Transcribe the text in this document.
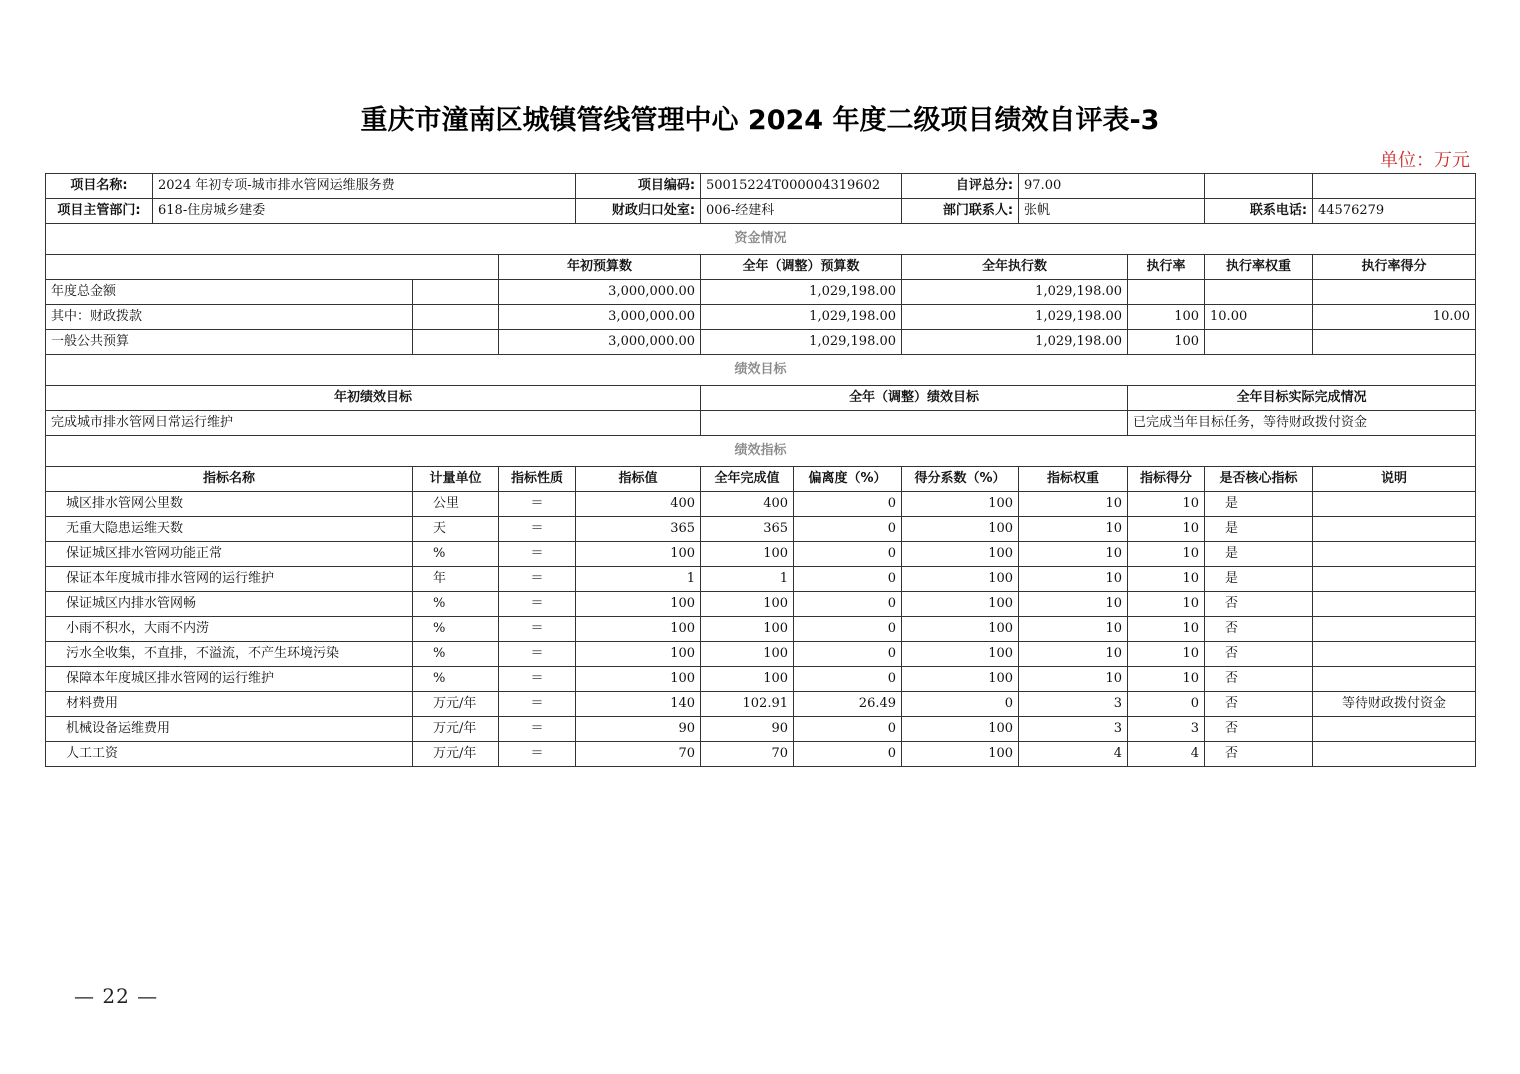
重庆市潼南区城镇管线管理中心 2024 年度二级项目绩效自评表-3
单位：万元
项目名称:	2024 年初专项-城市排水管网运维服务费			项目编码:	50015224T000004319602		自评总分:	97.00			
项目主管部门:	618-住房城乡建委			财政归口处室:	006-经建科		部门联系人:	张帆		联系电话:	44576279
资金情况											
			年初预算数		全年（调整）预算数		全年执行数		执行率	执行率权重	执行率得分
年度总金额			3,000,000.00		1,029,198.00		1,029,198.00				
其中：财政拨款			3,000,000.00		1,029,198.00		1,029,198.00		100	10.00	10.00
一般公共预算			3,000,000.00		1,029,198.00		1,029,198.00		100		
绩效目标											
年初绩效目标					全年（调整）绩效目标				全年目标实际完成情况		
完成城市排水管网日常运行维护									已完成当年目标任务，等待财政拨付资金		
绩效指标											
指标名称		计量单位	指标性质	指标值	全年完成值	偏离度（%）	得分系数（%）	指标权重	指标得分	是否核心指标	说明
城区排水管网公里数		公里	＝	400	400	0	100	10	10	是	
无重大隐患运维天数		天	＝	365	365	0	100	10	10	是	
保证城区排水管网功能正常		%	＝	100	100	0	100	10	10	是	
保证本年度城市排水管网的运行维护		年	＝	1	1	0	100	10	10	是	
保证城区内排水管网畅		%	＝	100	100	0	100	10	10	否	
小雨不积水，大雨不内涝		%	＝	100	100	0	100	10	10	否	
污水全收集，不直排，不溢流，不产生环境污染		%	＝	100	100	0	100	10	10	否	
保障本年度城区排水管网的运行维护		%	＝	100	100	0	100	10	10	否	
材料费用		万元/年	＝	140	102.91	26.49	0	3	0	否	等待财政拨付资金
机械设备运维费用		万元/年	＝	90	90	0	100	3	3	否	
人工工资		万元/年	＝	70	70	0	100	4	4	否	
— 22 —
